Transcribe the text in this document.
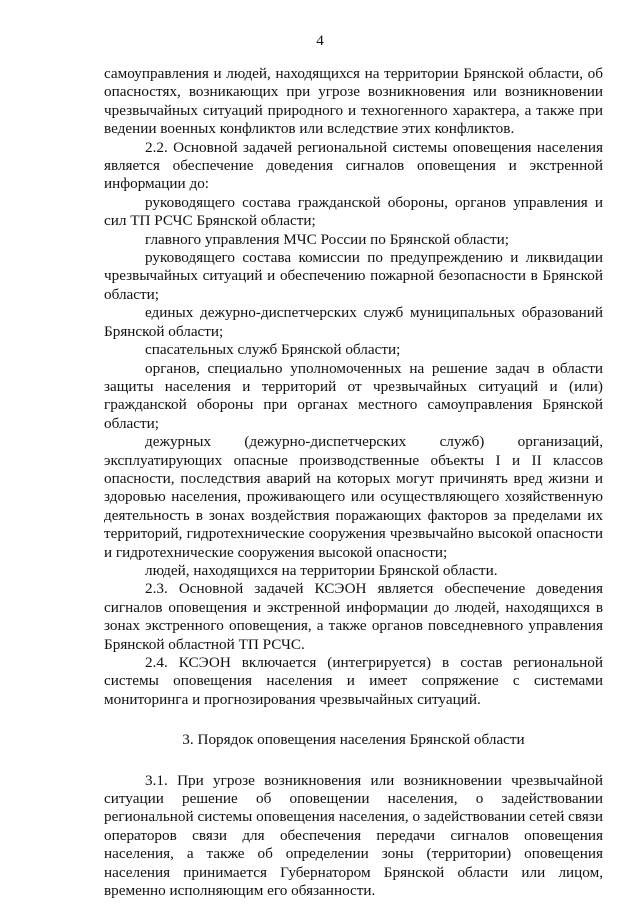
4

самоуправления и людей, находящихся на территории Брянской области, об опасностях, возникающих при угрозе возникновения или возникновении чрезвычайных ситуаций природного и техногенного характера, а также при ведении военных конфликтов или вследствие этих конфликтов.

2.2. Основной задачей региональной системы оповещения населения является обеспечение доведения сигналов оповещения и экстренной информации до:

руководящего состава гражданской обороны, органов управления и сил ТП РСЧС Брянской области;

главного управления МЧС России по Брянской области;

руководящего состава комиссии по предупреждению и ликвидации чрезвычайных ситуаций и обеспечению пожарной безопасности в Брянской области;

единых дежурно-диспетчерских служб муниципальных образований Брянской области;

спасательных служб Брянской области;

органов, специально уполномоченных на решение задач в области защиты населения и территорий от чрезвычайных ситуаций и (или) гражданской обороны при органах местного самоуправления Брянской области;

дежурных (дежурно-диспетчерских служб) организаций, эксплуатирующих опасные производственные объекты I и II классов опасности, последствия аварий на которых могут причинять вред жизни и здоровью населения, проживающего или осуществляющего хозяйственную деятельность в зонах воздействия поражающих факторов за пределами их территорий, гидротехнические сооружения чрезвычайно высокой опасности и гидротехнические сооружения высокой опасности;

людей, находящихся на территории Брянской области.

2.3. Основной задачей КСЭОН является обеспечение доведения сигналов оповещения и экстренной информации до людей, находящихся в зонах экстренного оповещения, а также органов повседневного управления Брянской областной ТП РСЧС.

2.4. КСЭОН включается (интегрируется) в состав региональной системы оповещения населения и имеет сопряжение с системами мониторинга и прогнозирования чрезвычайных ситуаций.

3. Порядок оповещения населения Брянской области

3.1. При угрозе возникновения или возникновении чрезвычайной ситуации решение об оповещении населения, о задействовании региональной системы оповещения населения, о задействовании сетей связи операторов связи для обеспечения передачи сигналов оповещения населения, а также об определении зоны (территории) оповещения населения принимается Губернатором Брянской области или лицом, временно исполняющим его обязанности.
